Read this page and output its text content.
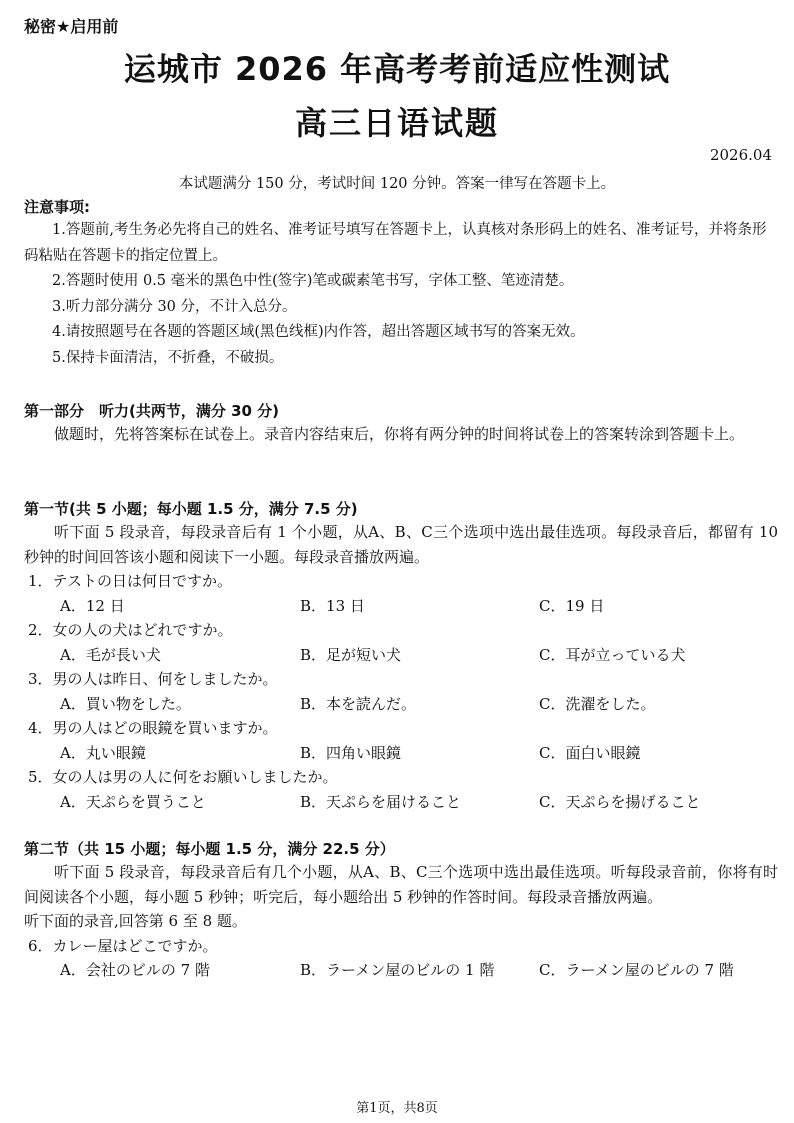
秘密★启用前
运城市 2026 年高考考前适应性测试
高三日语试题
2026.04
本试题满分 150 分，考试时间 120 分钟。答案一律写在答题卡上。
注意事项:
1.答题前,考生务必先将自己的姓名、准考证号填写在答题卡上，认真核对条形码上的姓名、准考证号，并将条形码粘贴在答题卡的指定位置上。
2.答题时使用 0.5 毫米的黑色中性(签字)笔或碳素笔书写，字体工整、笔迹清楚。
3.听力部分满分 30 分，不计入总分。
4.请按照题号在各题的答题区域(黑色线框)内作答，超出答题区域书写的答案无效。
5.保持卡面清洁，不折叠，不破损。
第一部分　听力(共两节，满分 30 分)
做题时，先将答案标在试卷上。录音内容结束后，你将有两分钟的时间将试卷上的答案转涂到答题卡上。
第一节(共 5 小题；每小题 1.5 分，满分 7.5 分)
听下面 5 段录音，每段录音后有 1 个小题，从A、B、C三个选项中选出最佳选项。每段录音后，都留有 10 秒钟的时间回答该小题和阅读下一小题。每段录音播放两遍。
1．テストの日は何日ですか。
A．12 日	B．13 日	C．19 日
2．女の人の犬はどれですか。
A．毛が長い犬	B．足が短い犬	C．耳が立っている犬
3．男の人は昨日、何をしましたか。
A．買い物をした。	B．本を読んだ。	C．洗濯をした。
4．男の人はどの眼鏡を買いますか。
A．丸い眼鏡	B．四角い眼鏡	C．面白い眼鏡
5．女の人は男の人に何をお願いしましたか。
A．天ぷらを買うこと	B．天ぷらを届けること	C．天ぷらを揚げること
第二节（共 15 小题；每小题 1.5 分，满分 22.5 分）
听下面 5 段录音，每段录音后有几个小题，从A、B、C三个选项中选出最佳选项。听每段录音前，你将有时间阅读各个小题，每小题 5 秒钟；听完后，每小题给出 5 秒钟的作答时间。每段录音播放两遍。
听下面的录音,回答第 6 至 8 题。
6．カレー屋はどこですか。
A．会社のビルの 7 階	B．ラーメン屋のビルの 1 階	C．ラーメン屋のビルの 7 階
第1页，共8页
